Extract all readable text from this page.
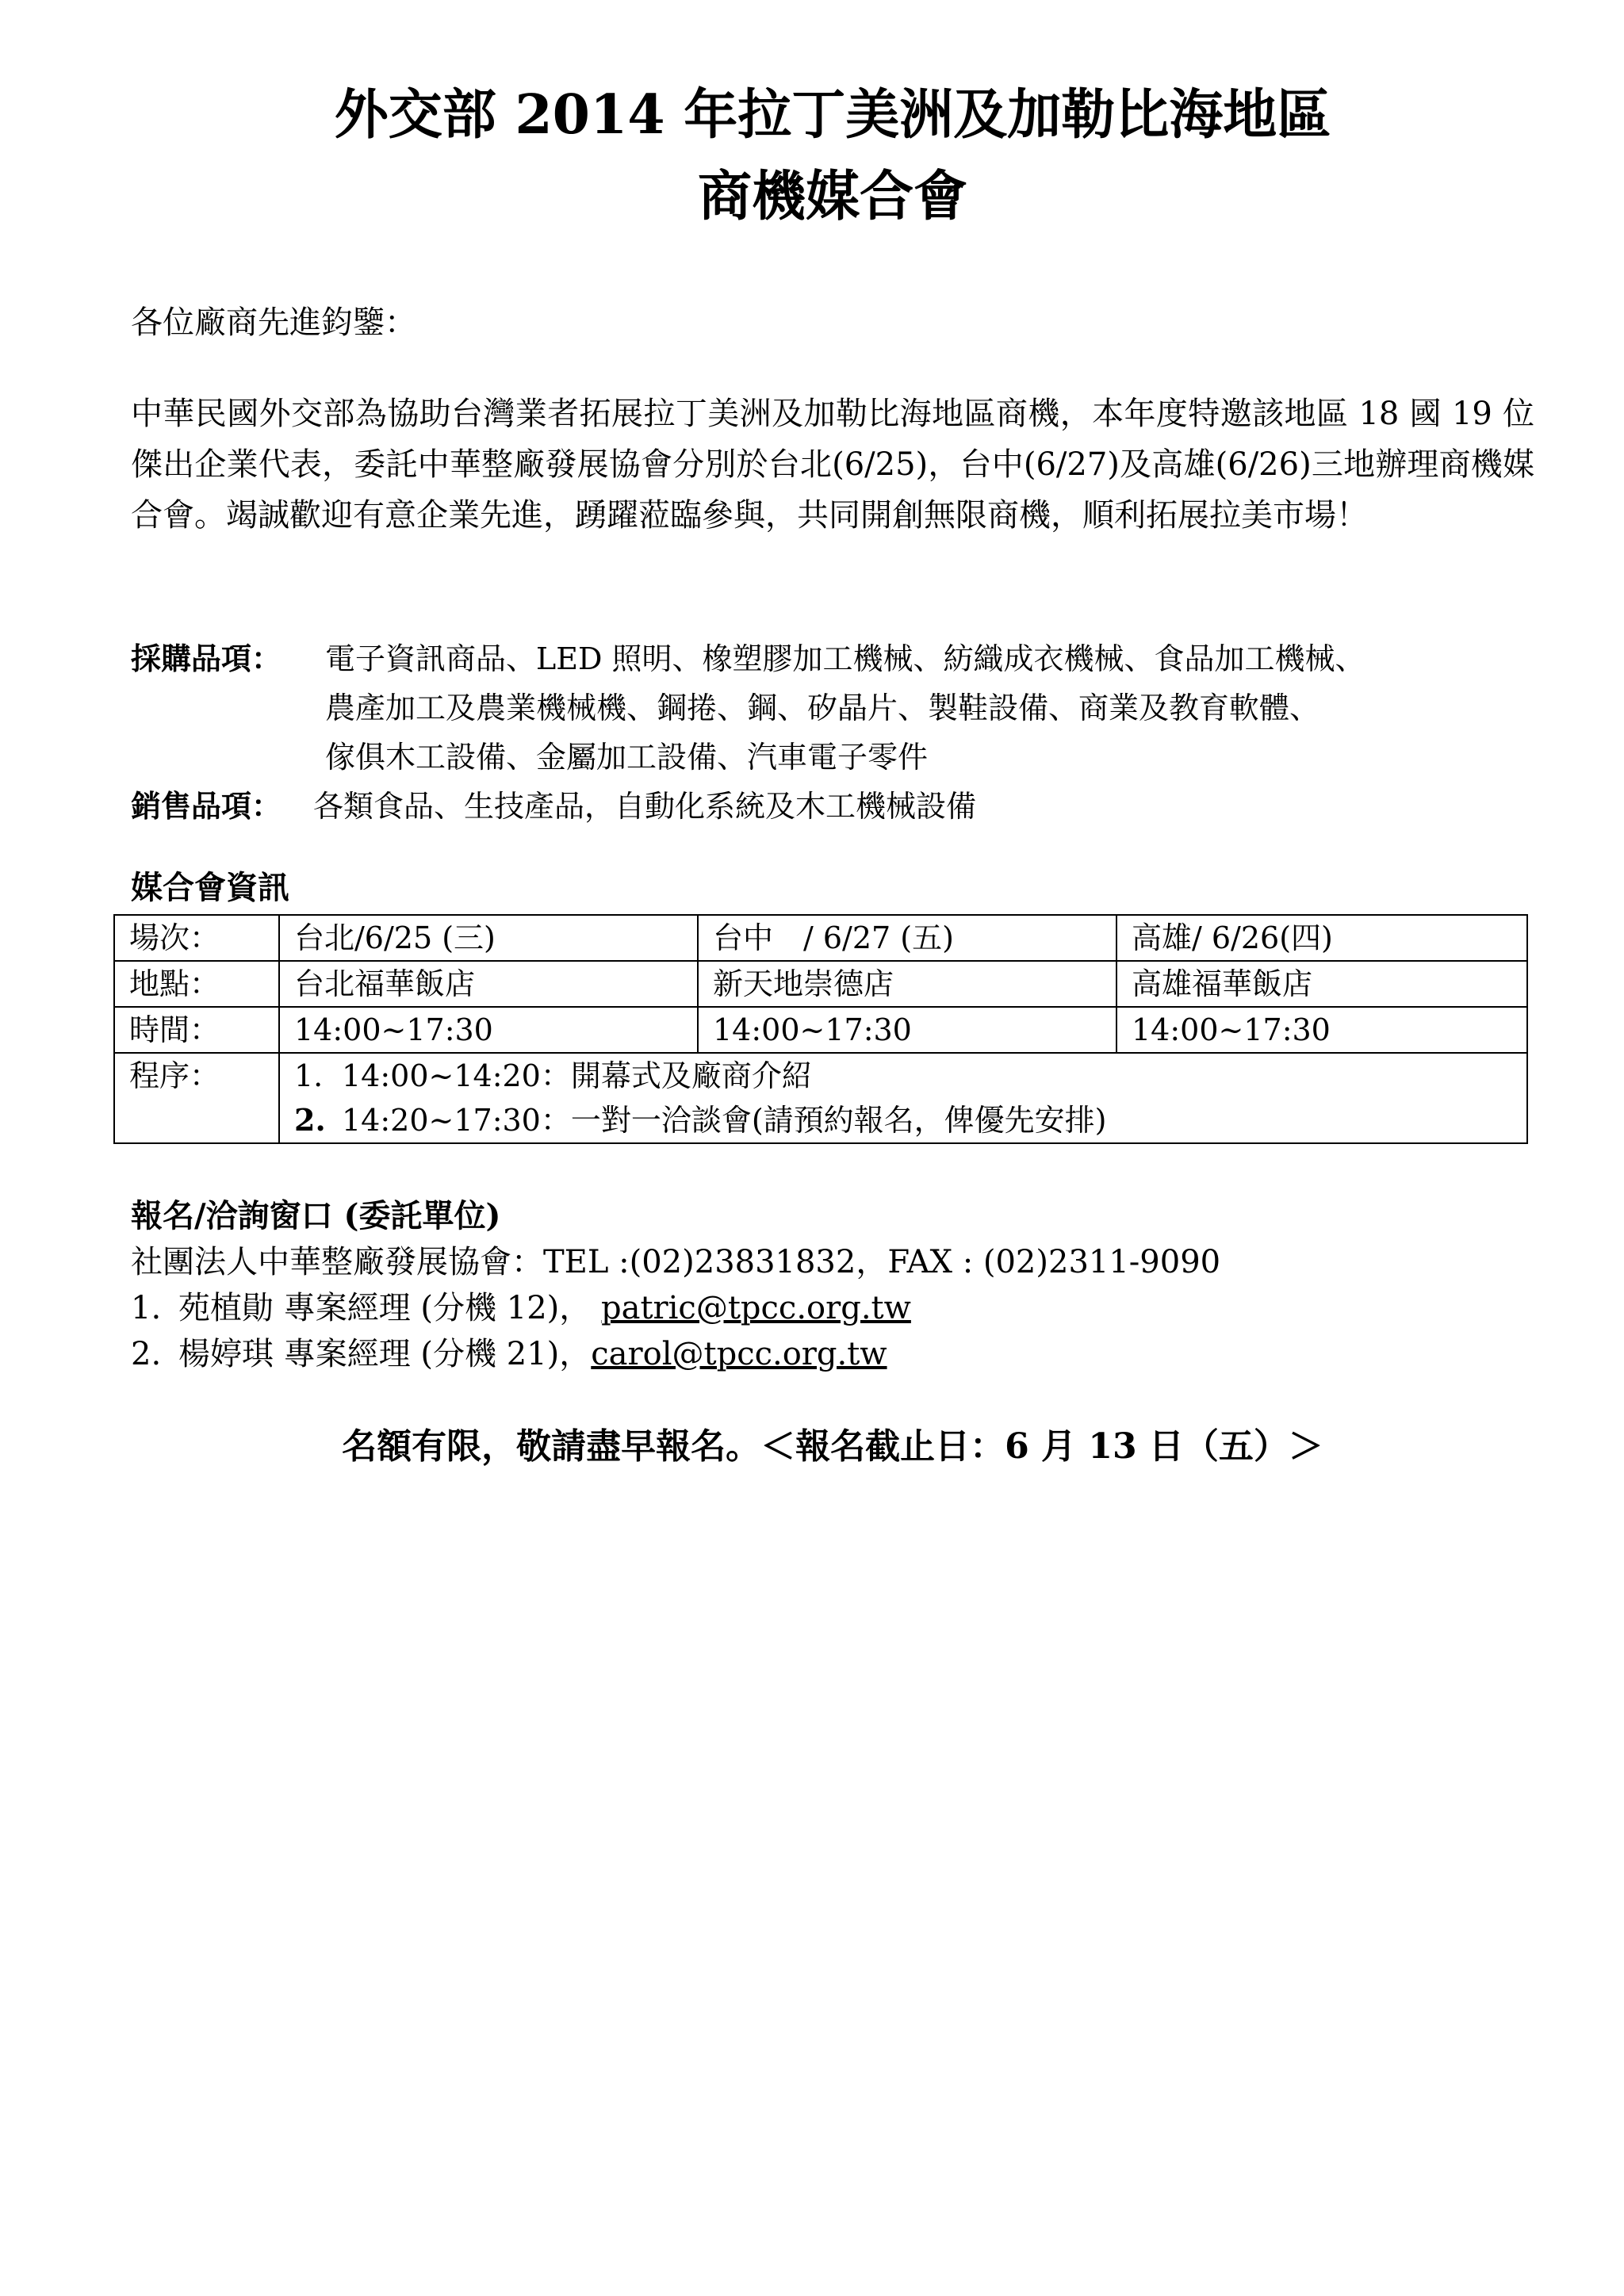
外交部 2014 年拉丁美洲及加勒比海地區
商機媒合會
各位廠商先進鈞鑒：

中華民國外交部為協助台灣業者拓展拉丁美洲及加勒比海地區商機，本年度特邀該地區 18 國 19 位傑出企業代表，委託中華整廠發展協會分別於台北(6/25)，台中(6/27)及高雄(6/26)三地辦理商機媒合會。竭誠歡迎有意企業先進，踴躍蒞臨參與，共同開創無限商機，順利拓展拉美市場！

採購品項：	電子資訊商品、LED 照明、橡塑膠加工機械、紡織成衣機械、食品加工機械、
農產加工及農業機械機、鋼捲、鋼、矽晶片、製鞋設備、商業及教育軟體、
傢俱木工設備、金屬加工設備、汽車電子零件
銷售品項：	各類食品、生技產品，自動化系統及木工機械設備
媒合會資訊
場次：	台北/6/25 (三)	台中　/ 6/27 (五)	高雄/ 6/26(四)
地點：	台北福華飯店	新天地崇德店	高雄福華飯店
時間：	14:00~17:30	14:00~17:30	14:00~17:30
程序：	1. 14:00~14:20：開幕式及廠商介紹
2. 14:20~17:30：一對一洽談會(請預約報名，俾優先安排)		
報名/洽詢窗口 (委託單位)
社團法人中華整廠發展協會：TEL :(02)23831832，FAX : (02)2311-9090
1. 苑植勛 專案經理 (分機 12)， patric@tpcc.org.tw
2. 楊婷琪 專案經理 (分機 21)，carol@tpcc.org.tw
名額有限，敬請盡早報名。＜報名截止日：6 月 13 日（五）＞
